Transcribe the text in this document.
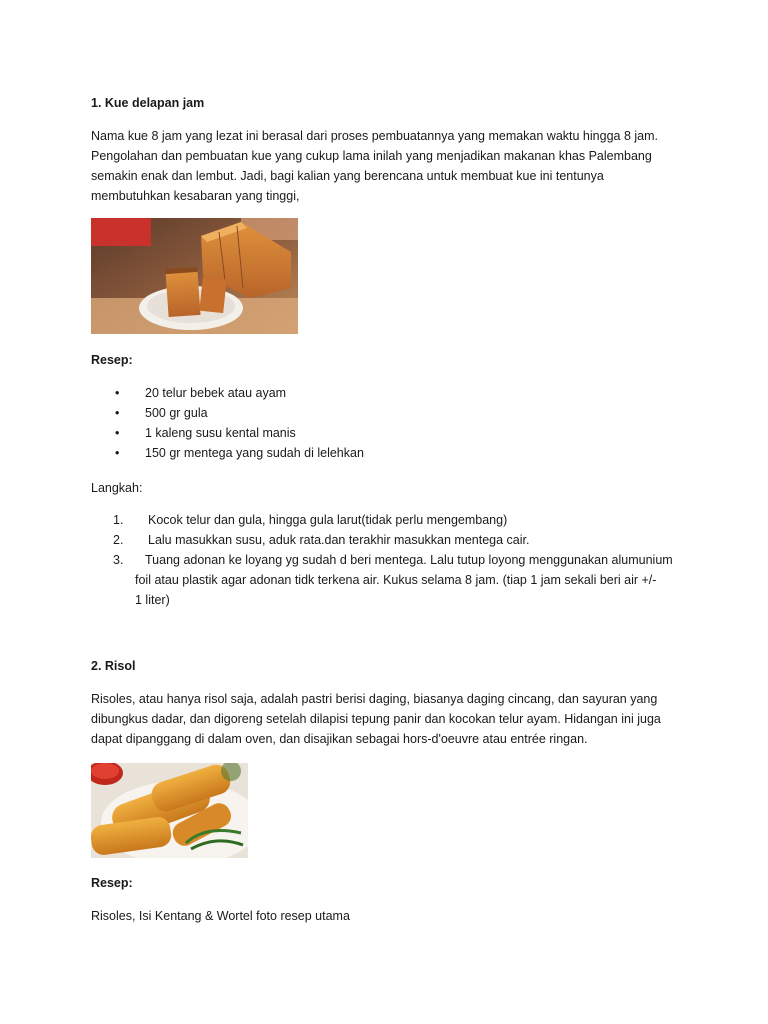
1. Kue delapan jam
Nama kue 8 jam yang lezat ini berasal dari proses pembuatannya yang memakan waktu hingga 8 jam.
Pengolahan dan pembuatan kue yang cukup lama inilah yang menjadikan makanan khas Palembang
semakin enak dan lembut. Jadi, bagi kalian yang berencana untuk membuat kue ini tentunya
membutuhkan kesabaran yang tinggi,
Resep:
• 20 telur bebek atau ayam
• 500 gr gula
• 1 kaleng susu kental manis
• 150 gr mentega yang sudah di lelehkan
Langkah:
1. Kocok telur dan gula, hingga gula larut(tidak perlu mengembang)
2. Lalu masukkan susu, aduk rata.dan terakhir masukkan mentega cair.
3. Tuang adonan ke loyang yg sudah d beri mentega. Lalu tutup loyong menggunakan alumunium
foil atau plastik agar adonan tidk terkena air. Kukus selama 8 jam. (tiap 1 jam sekali beri air +/-
1 liter)
2. Risol
Risoles, atau hanya risol saja, adalah pastri berisi daging, biasanya daging cincang, dan sayuran yang
dibungkus dadar, dan digoreng setelah dilapisi tepung panir dan kocokan telur ayam. Hidangan ini juga
dapat dipanggang di dalam oven, dan disajikan sebagai hors-d'oeuvre atau entrée ringan.
Resep:
Risoles, Isi Kentang & Wortel foto resep utama
